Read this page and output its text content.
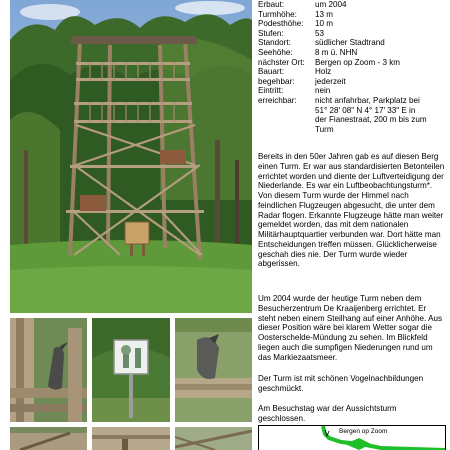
Erbaut:	um 2004
Turmhöhe:	13 m
Podesthöhe:	10 m
Stufen:	53
Standort:	südlicher Stadtrand
Seehöhe:	8 m ü. NHN
nächster Ort:	Bergen op Zoom - 3 km
Bauart:	Holz
begehbar:	jederzeit
Eintritt:	nein
erreichbar:	nicht anfahrbar, Parkplatz bei
51° 28' 08" N 4° 17' 33" E in
der Fianestraat, 200 m bis zum
Turm
Bereits in den 50er Jahren gab es auf diesen Berg einen Turm. Er war aus standardisierten Betonteilen errichtet worden und diente der Luftverteidigung der Niederlande. Es war ein Luftbeobachtungsturm*.
Von diesem Turm wurde der Himmel nach feindlichen Flugzeugen abgesucht, die unter dem Radar flogen. Erkannte Flugzeuge hätte man weiter gemeldet worden, das mit dem nationalen Militärhauptquartier verbunden war. Dort hätte man Entscheidungen treffen müssen. Glücklicherweise geschah dies nie. Der Turm wurde wieder abgerissen.
Um 2004 wurde der heutige Turm neben dem Besucherzentrum De Kraaijenberg errichtet. Er steht neben einem Steilhang auf einer Anhöhe. Aus dieser Position wäre bei klarem Wetter sogar die Oosterschelde-Mündung zu sehen. Im Blickfeld liegen auch die sumpfigen Niederungen rund um das Markiezaatsmeer.
Der Turm ist mit schönen Vogelnachbildungen geschmückt.
Am Besuchstag war der Aussichtsturm geschlossen.
Bergen op Zoom
